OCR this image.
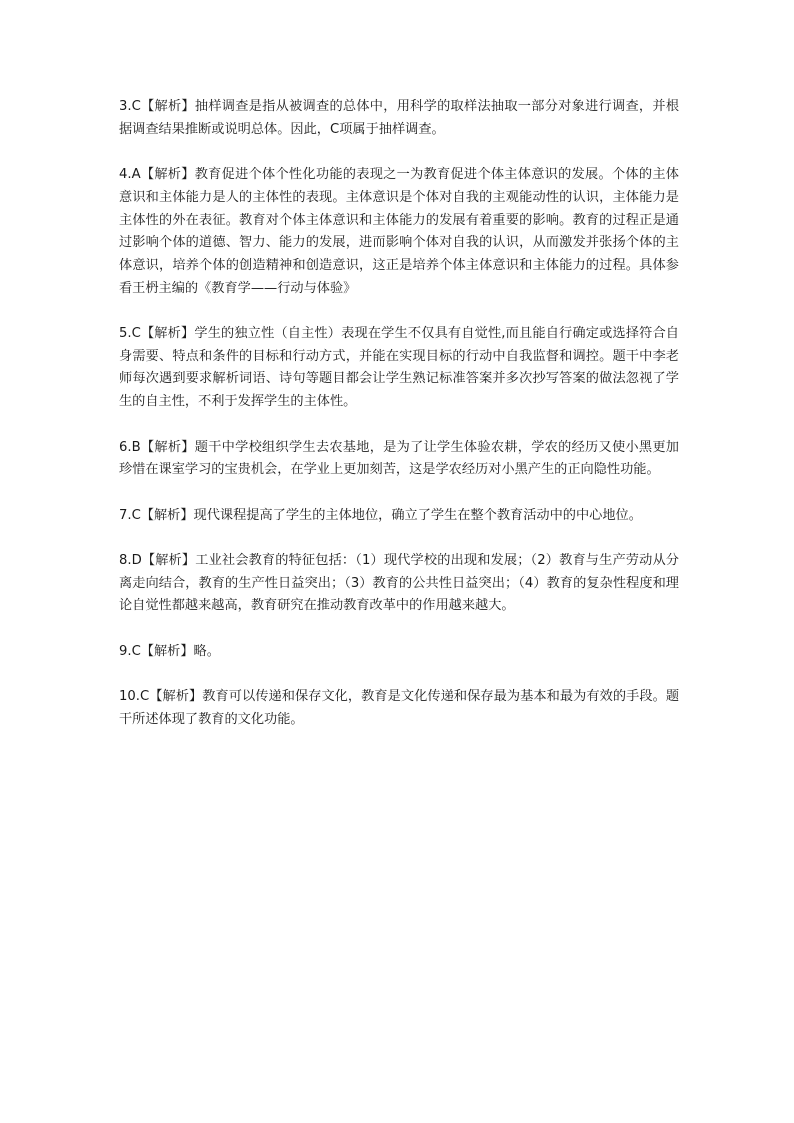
3.C【解析】抽样调查是指从被调查的总体中，用科学的取样法抽取一部分对象进行调查，并根据调查结果推断或说明总体。因此，C项属于抽样调查。

4.A【解析】教育促进个体个性化功能的表现之一为教育促进个体主体意识的发展。个体的主体意识和主体能力是人的主体性的表现。主体意识是个体对自我的主观能动性的认识，主体能力是主体性的外在表征。教育对个体主体意识和主体能力的发展有着重要的影响。教育的过程正是通过影响个体的道德、智力、能力的发展，进而影响个体对自我的认识，从而激发并张扬个体的主体意识，培养个体的创造精神和创造意识，这正是培养个体主体意识和主体能力的过程。具体参看王枬主编的《教育学——行动与体验》

5.C【解析】学生的独立性（自主性）表现在学生不仅具有自觉性,而且能自行确定或选择符合自身需要、特点和条件的目标和行动方式，并能在实现目标的行动中自我监督和调控。题干中李老师每次遇到要求解析词语、诗句等题目都会让学生熟记标准答案并多次抄写答案的做法忽视了学生的自主性，不利于发挥学生的主体性。

6.B【解析】题干中学校组织学生去农基地，是为了让学生体验农耕，学农的经历又使小黑更加珍惜在课室学习的宝贵机会，在学业上更加刻苦，这是学农经历对小黑产生的正向隐性功能。

7.C【解析】现代课程提高了学生的主体地位，确立了学生在整个教育活动中的中心地位。

8.D【解析】工业社会教育的特征包括：（1）现代学校的出现和发展；（2）教育与生产劳动从分离走向结合，教育的生产性日益突出；（3）教育的公共性日益突出；（4）教育的复杂性程度和理论自觉性都越来越高，教育研究在推动教育改革中的作用越来越大。

9.C【解析】略。

10.C【解析】教育可以传递和保存文化，教育是文化传递和保存最为基本和最为有效的手段。题干所述体现了教育的文化功能。
